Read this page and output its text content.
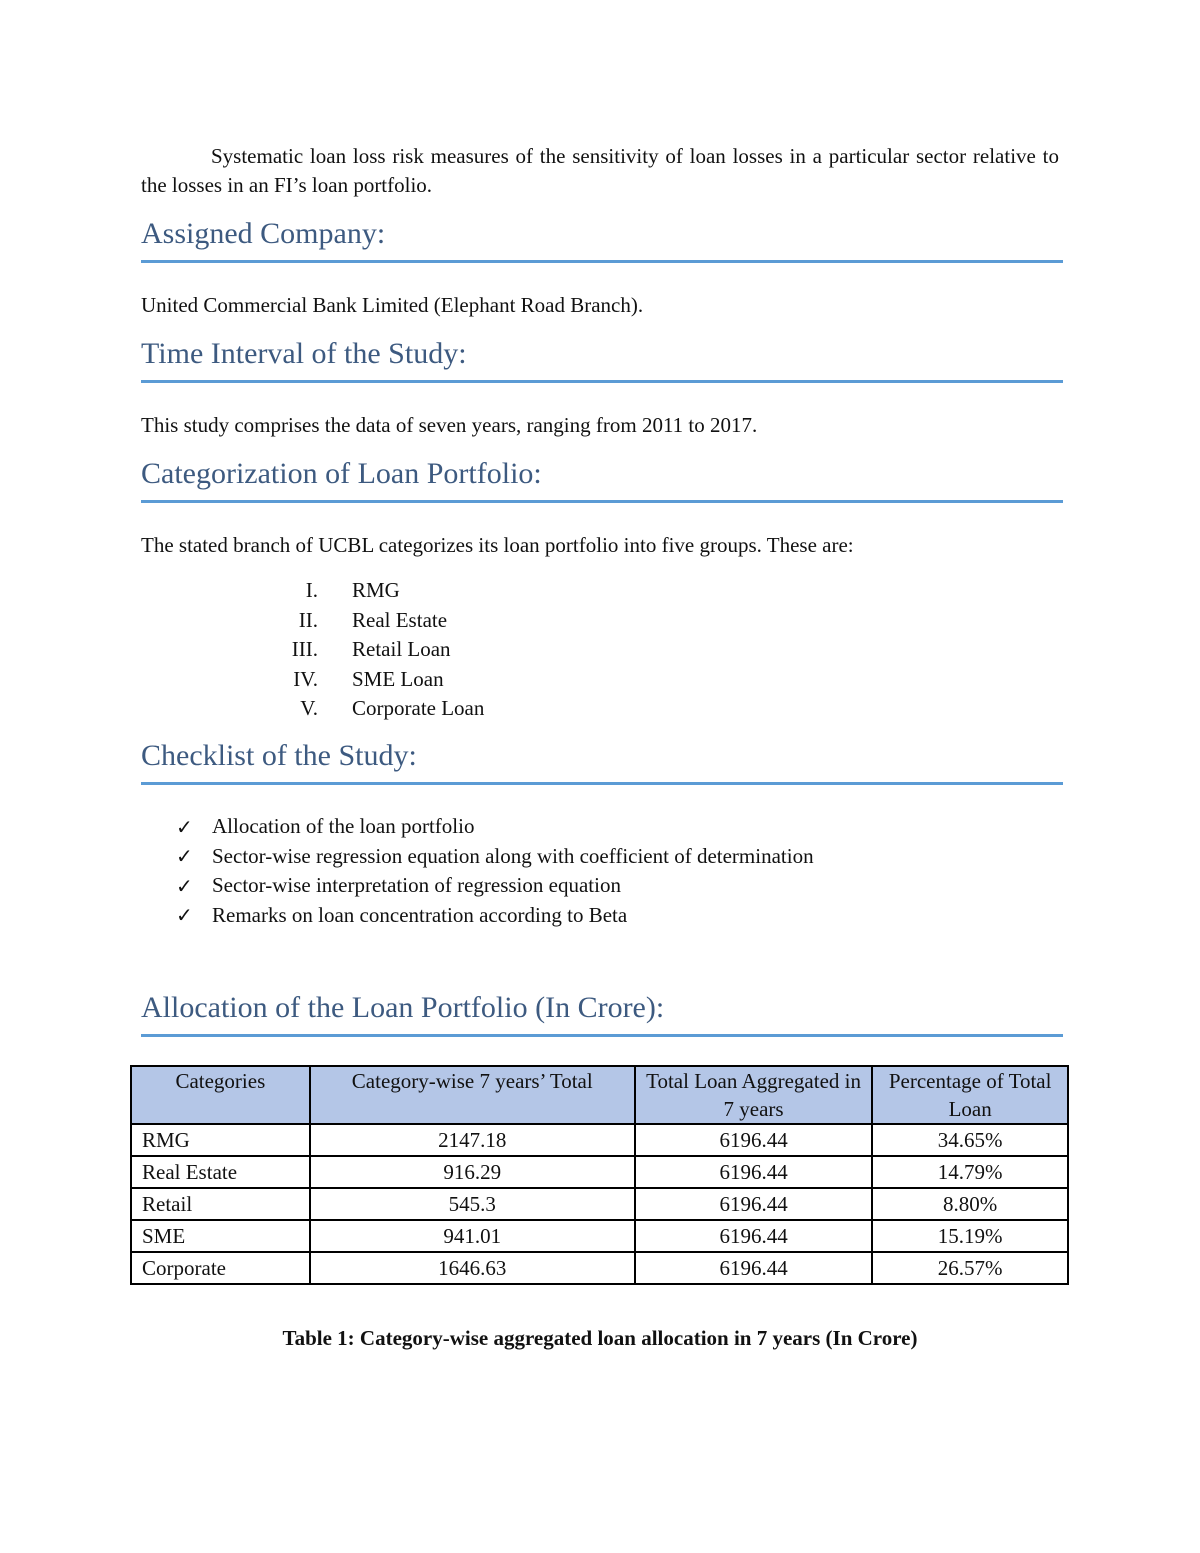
Systematic loan loss risk measures of the sensitivity of loan losses in a particular sector relative to the losses in an FI’s loan portfolio.
Assigned Company:
United Commercial Bank Limited (Elephant Road Branch).
Time Interval of the Study:
This study comprises the data of seven years, ranging from 2011 to 2017.
Categorization of Loan Portfolio:
The stated branch of UCBL categorizes its loan portfolio into five groups. These are:
I.	RMG
II.	Real Estate
III.	Retail Loan
IV.	SME Loan
V.	Corporate Loan
Checklist of the Study:
✓ Allocation of the loan portfolio
✓ Sector-wise regression equation along with coefficient of determination
✓ Sector-wise interpretation of regression equation
✓ Remarks on loan concentration according to Beta
Allocation of the Loan Portfolio (In Crore):
Categories	Category-wise 7 years’ Total	Total Loan Aggregated in 7 years	Percentage of Total Loan
RMG	2147.18	6196.44	34.65%
Real Estate	916.29	6196.44	14.79%
Retail	545.3	6196.44	8.80%
SME	941.01	6196.44	15.19%
Corporate	1646.63	6196.44	26.57%
Table 1: Category-wise aggregated loan allocation in 7 years (In Crore)
